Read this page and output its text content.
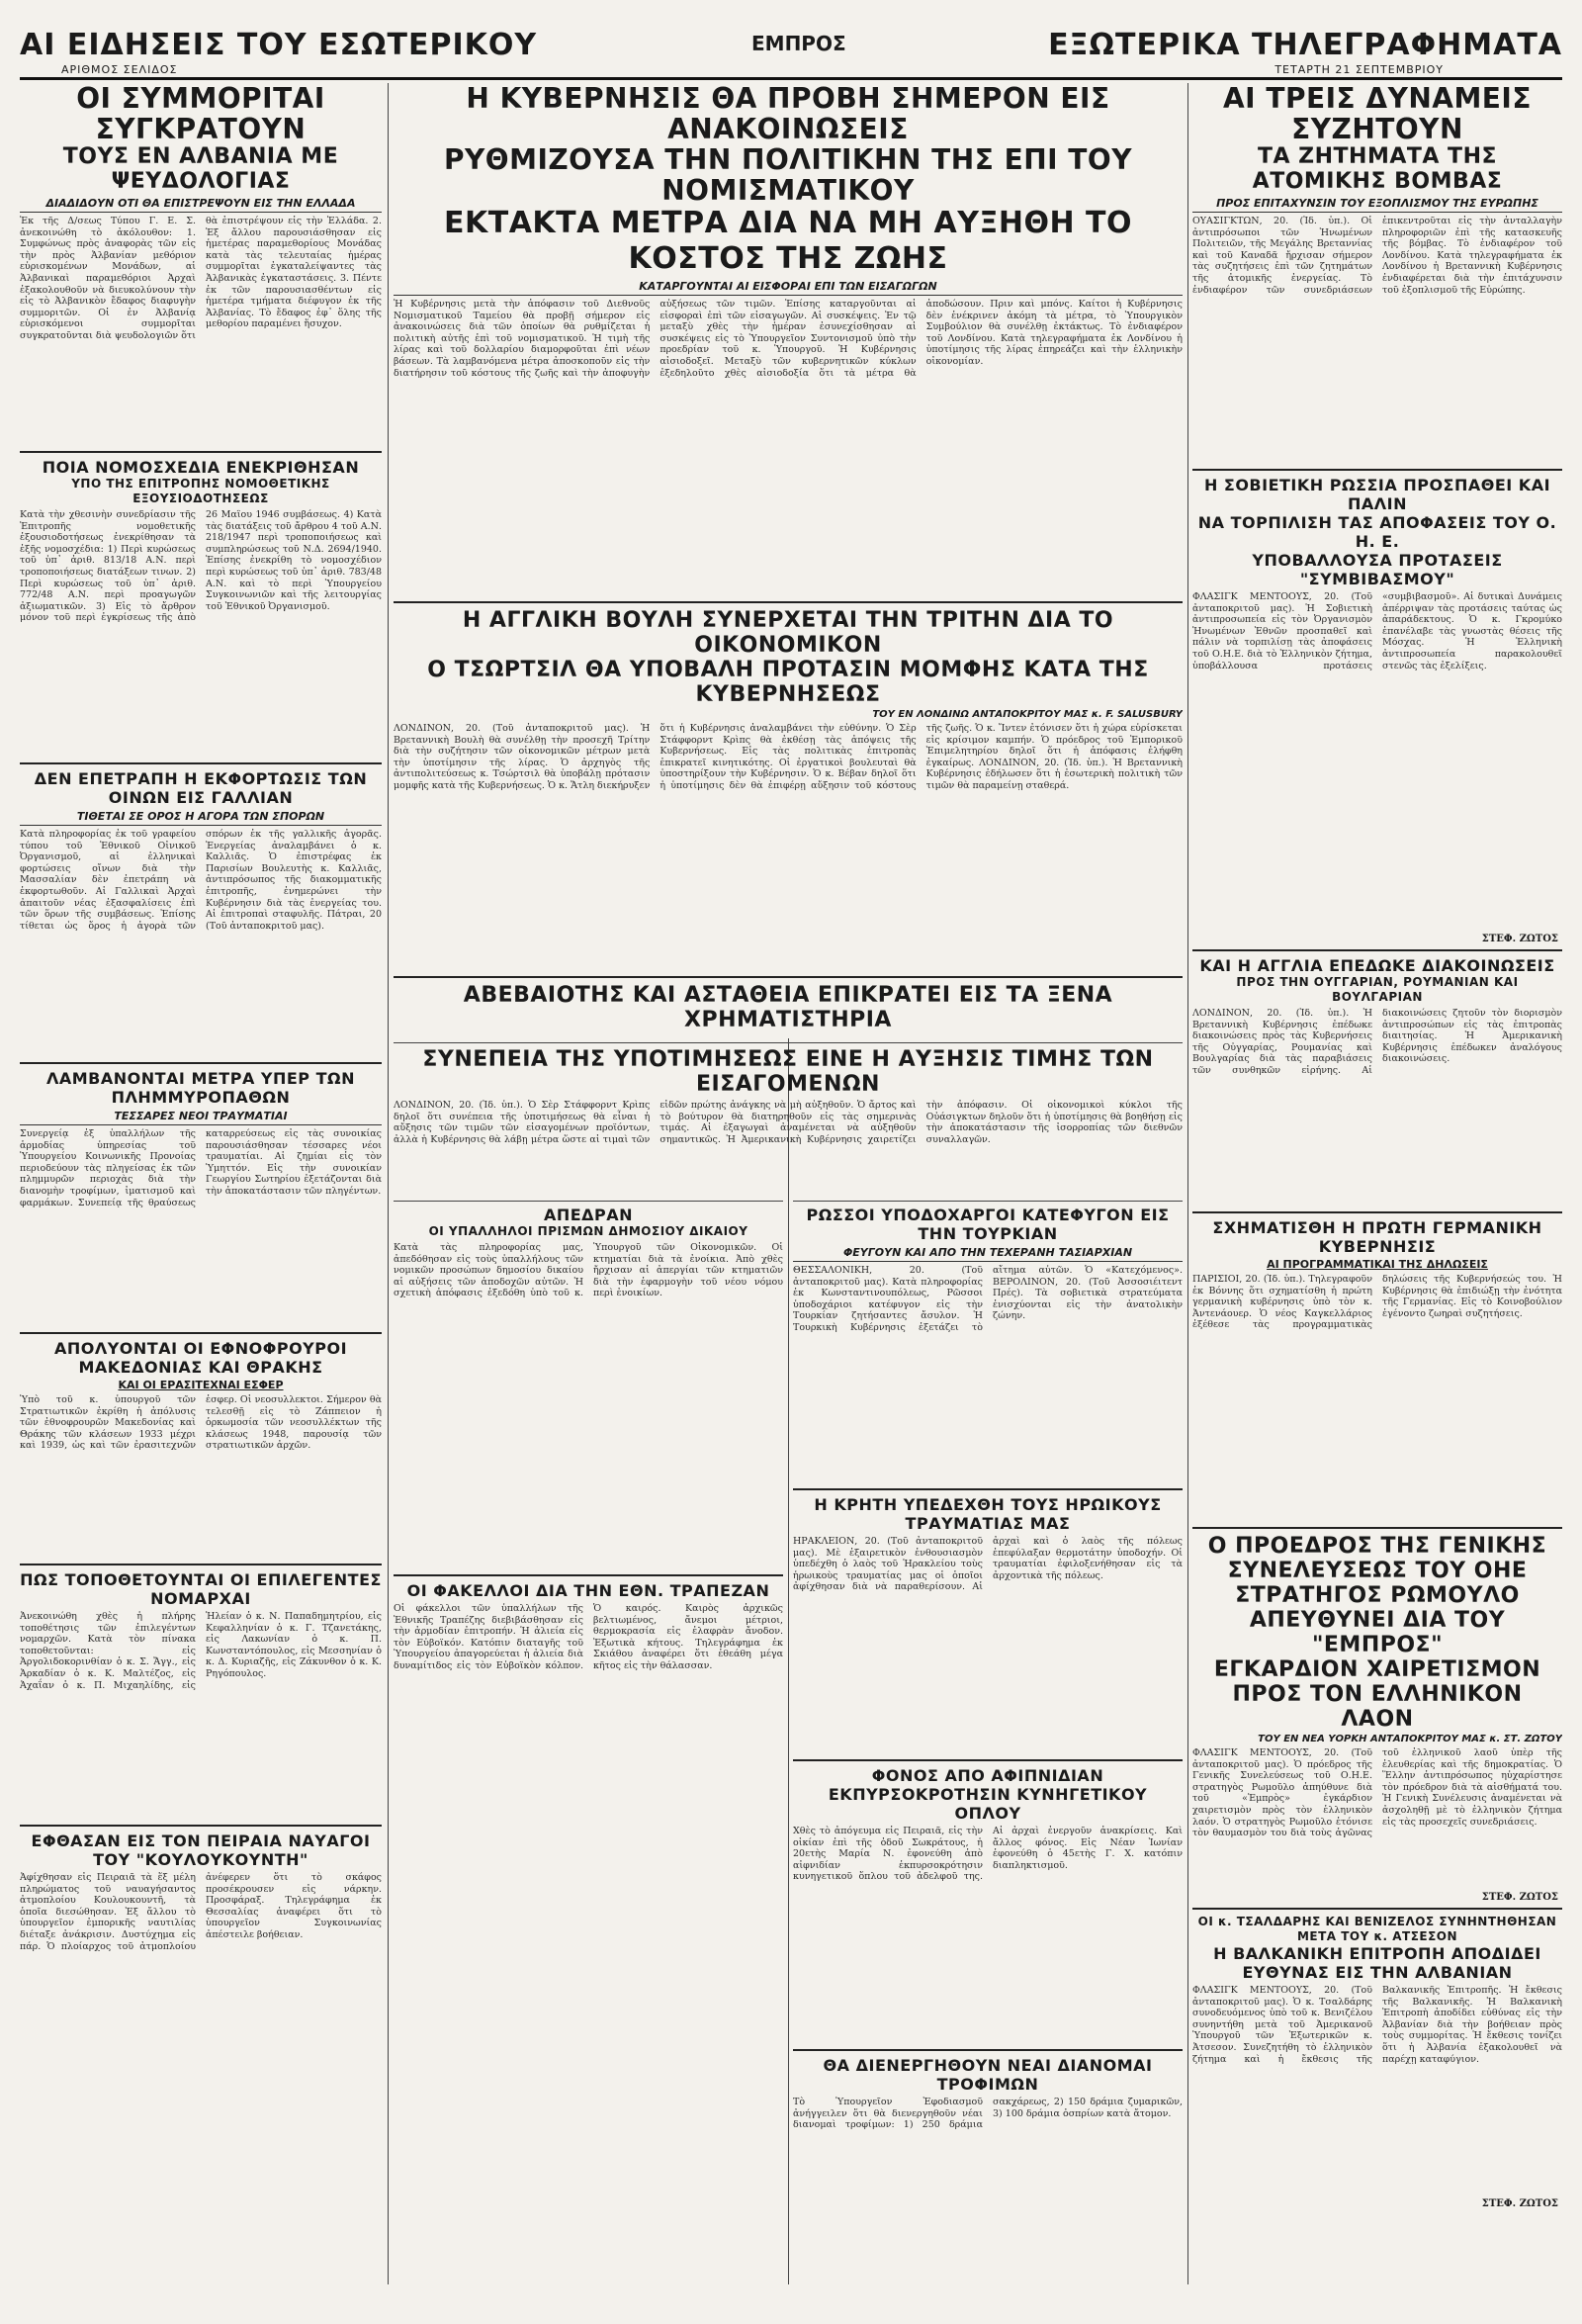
ΑΙ ΕΙΔΗΣΕΙΣ ΤΟΥ ΕΣΩΤΕΡΙΚΟΥ
ΑΡΙΘΜΟΣ ΣΕΛΙΔΟΣ
ΕΜΠΡΟΣ	ΕΞΩΤΕΡΙΚΑ ΤΗΛΕΓΡΑΦΗΜΑΤΑ
ΤΕΤΑΡΤΗ 21 ΣΕΠΤΕΜΒΡΙΟΥ
ΟΙ ΣΥΜΜΟΡΙΤΑΙ ΣΥΓΚΡΑΤΟΥΝ
ΤΟΥΣ ΕΝ ΑΛΒΑΝΙΑ ΜΕ ΨΕΥΔΟΛΟΓΙΑΣ
ΔΙΑΔΙΔΟΥΝ ΟΤΙ ΘΑ ΕΠΙΣΤΡΕΨΟΥΝ ΕΙΣ ΤΗΝ ΕΛΛΑΔΑ
Ἐκ τῆς Δ/σεως Τύπου Γ. Ε. Σ. ἀνεκοινώθη τὸ ἀκόλουθον: 1. Συμφώνως πρὸς ἀναφορὰς τῶν εἰς τὴν πρὸς Ἀλβανίαν μεθόριον εὑρισκομένων Μονάδων, αἱ Ἀλβανικαὶ παραμεθόριοι Ἀρχαὶ ἐξακολουθοῦν νὰ διευκολύνουν τὴν εἰς τὸ Ἀλβανικὸν ἔδαφος διαφυγὴν συμμοριτῶν. Οἱ ἐν Ἀλβανίᾳ εὑρισκόμενοι συμμορῖται συγκρατοῦνται διὰ ψευδολογιῶν ὅτι θὰ ἐπιστρέψουν εἰς τὴν Ἑλλάδα. 2. Ἐξ ἄλλου παρουσιάσθησαν εἰς ἡμετέρας παραμεθορίους Μονάδας κατὰ τὰς τελευταίας ἡμέρας συμμορῖται ἐγκαταλείψαντες τὰς Ἀλβανικὰς ἐγκαταστάσεις. 3. Πέντε ἐκ τῶν παρουσιασθέντων εἰς ἡμετέρα τμήματα διέφυγον ἐκ τῆς Ἀλβανίας. Τὸ ἔδαφος ἐφ᾽ ὅλης τῆς μεθορίου παραμένει ἥσυχον.
ΠΟΙΑ ΝΟΜΟΣΧΕΔΙΑ ΕΝΕΚΡΙΘΗΣΑΝ
ΥΠΟ ΤΗΣ ΕΠΙΤΡΟΠΗΣ ΝΟΜΟΘΕΤΙΚΗΣ ΕΞΟΥΣΙΟΔΟΤΗΣΕΩΣ
Κατὰ τὴν χθεσινὴν συνεδρίασιν τῆς Ἐπιτροπῆς νομοθετικῆς ἐξουσιοδοτήσεως ἐνεκρίθησαν τὰ ἑξῆς νομοσχέδια: 1) Περὶ κυρώσεως τοῦ ὑπ᾽ ἀριθ. 813/18 Α.Ν. περὶ τροποποιήσεως διατάξεων τινων. 2) Περὶ κυρώσεως τοῦ ὑπ᾽ ἀριθ. 772/48 Α.Ν. περὶ προαγωγῶν ἀξιωματικῶν. 3) Εἰς τὸ ἄρθρον μόνον τοῦ περὶ ἐγκρίσεως τῆς ἀπὸ 26 Μαΐου 1946 συμβάσεως. 4) Κατὰ τὰς διατάξεις τοῦ ἄρθρου 4 τοῦ Α.Ν. 218/1947 περὶ τροποποιήσεως καὶ συμπληρώσεως τοῦ Ν.Δ. 2694/1940. Ἐπίσης ἐνεκρίθη τὸ νομοσχέδιον περὶ κυρώσεως τοῦ ὑπ᾽ ἀριθ. 783/48 Α.Ν. καὶ τὸ περὶ Ὑπουργείου Συγκοινωνιῶν καὶ τῆς λειτουργίας τοῦ Ἐθνικοῦ Ὀργανισμοῦ.
ΔΕΝ ΕΠΕΤΡΑΠΗ Η ΕΚΦΟΡΤΩΣΙΣ ΤΩΝ ΟΙΝΩΝ ΕΙΣ ΓΑΛΛΙΑΝ
ΤΙΘΕΤΑΙ ΣΕ ΟΡΟΣ Η ΑΓΟΡΑ ΤΩΝ ΣΠΟΡΩΝ
Κατὰ πληροφορίας ἐκ τοῦ γραφείου τύπου τοῦ Ἐθνικοῦ Οἰνικοῦ Ὀργανισμοῦ, αἱ ἑλληνικαὶ φορτώσεις οἴνων διὰ τὴν Μασσαλίαν δὲν ἐπετράπη νὰ ἐκφορτωθοῦν. Αἱ Γαλλικαὶ Ἀρχαὶ ἀπαιτοῦν νέας ἐξασφαλίσεις ἐπὶ τῶν ὅρων τῆς συμβάσεως. Ἐπίσης τίθεται ὡς ὅρος ἡ ἀγορὰ τῶν σπόρων ἐκ τῆς γαλλικῆς ἀγορᾶς. Ἐνεργείας ἀναλαμβάνει ὁ κ. Καλλιᾶς. Ὁ ἐπιστρέφας ἐκ Παρισίων Βουλευτὴς κ. Καλλιᾶς, ἀντιπρόσωπος τῆς διακομματικῆς ἐπιτροπῆς, ἐνημερώνει τὴν Κυβέρνησιν διὰ τὰς ἐνεργείας του. Αἱ ἐπιτροπαὶ σταφυλῆς. Πάτραι, 20 (Τοῦ ἀνταποκριτοῦ μας).
ΛΑΜΒΑΝΟΝΤΑΙ ΜΕΤΡΑ ΥΠΕΡ ΤΩΝ ΠΛΗΜΜΥΡΟΠΑΘΩΝ
ΤΕΣΣΑΡΕΣ ΝΕΟΙ ΤΡΑΥΜΑΤΙΑΙ
Συνεργείᾳ ἐξ ὑπαλλήλων τῆς ἁρμοδίας ὑπηρεσίας τοῦ Ὑπουργείου Κοινωνικῆς Προνοίας περιοδεύουν τὰς πληγείσας ἐκ τῶν πλημμυρῶν περιοχὰς διὰ τὴν διανομὴν τροφίμων, ἰματισμοῦ καὶ φαρμάκων. Συνεπείᾳ τῆς θραύσεως καταρρεύσεως εἰς τὰς συνοικίας παρουσιάσθησαν τέσσαρες νέοι τραυματίαι. Αἱ ζημίαι εἰς τὸν Ὑμηττόν. Εἰς τὴν συνοικίαν Γεωργίου Σωτηρίου ἐξετάζονται διὰ τὴν ἀποκατάστασιν τῶν πληγέντων.
ΑΠΟΛΥΟΝΤΑΙ ΟΙ ΕΦΝΟΦΡΟΥΡΟΙ ΜΑΚΕΔΟΝΙΑΣ ΚΑΙ ΘΡΑΚΗΣ
ΚΑΙ ΟΙ ΕΡΑΣΙΤΕΧΝΑΙ ΕΣΦΕΡ
Ὑπὸ τοῦ κ. ὑπουργοῦ τῶν Στρατιωτικῶν ἐκρίθη ἡ ἀπόλυσις τῶν ἐθνοφρουρῶν Μακεδονίας καὶ Θράκης τῶν κλάσεων 1933 μέχρι καὶ 1939, ὡς καὶ τῶν ἐρασιτεχνῶν ἐσφερ. Οἱ νεοσυλλεκτοι. Σήμερον θὰ τελεσθῇ εἰς τὸ Ζάππειον ἡ ὁρκωμοσία τῶν νεοσυλλέκτων τῆς κλάσεως 1948, παρουσίᾳ τῶν στρατιωτικῶν ἀρχῶν.
ΠΩΣ ΤΟΠΟΘΕΤΟΥΝΤΑΙ ΟΙ ΕΠΙΛΕΓΕΝΤΕΣ ΝΟΜΑΡΧΑΙ
Ἀνεκοινώθη χθὲς ἡ πλήρης τοποθέτησις τῶν ἐπιλεγέντων νομαρχῶν. Κατὰ τὸν πίνακα τοποθετοῦνται: εἰς Ἀργολιδοκορινθίαν ὁ κ. Σ. Ἄγγ., εἰς Ἀρκαδίαν ὁ κ. Κ. Μαλτέζος, εἰς Ἀχαΐαν ὁ κ. Π. Μιχαηλίδης, εἰς Ἡλείαν ὁ κ. Ν. Παπαδημητρίου, εἰς Κεφαλληνίαν ὁ κ. Γ. Τζανετάκης, εἰς Λακωνίαν ὁ κ. Π. Κωνσταντόπουλος, εἰς Μεσσηνίαν ὁ κ. Δ. Κυριαζῆς, εἰς Ζάκυνθον ὁ κ. Κ. Ρηγόπουλος.
ΕΦΘΑΣΑΝ ΕΙΣ ΤΟΝ ΠΕΙΡΑΙΑ ΝΑΥΑΓΟΙ ΤΟΥ "ΚΟΥΛΟΥΚΟΥΝΤΗ"
Ἀφίχθησαν εἰς Πειραιᾶ τὰ ἕξ μέλη πληρώματος τοῦ ναυαγήσαντος ἀτμοπλοίου Κουλουκουντῆ, τὰ ὁποῖα διεσώθησαν. Ἐξ ἄλλου τὸ ὑπουργεῖον ἐμπορικῆς ναυτιλίας διέταξε ἀνάκρισιν. Δυστύχημα εἰς πάρ. Ὁ πλοίαρχος τοῦ ἀτμοπλοίου ἀνέφερεν ὅτι τὸ σκάφος προσέκρουσεν εἰς νάρκην. Προσφάραξ. Τηλεγράφημα ἐκ Θεσσαλίας ἀναφέρει ὅτι τὸ ὑπουργεῖον Συγκοινωνίας ἀπέστειλε βοήθειαν.
Η ΚΥΒΕΡΝΗΣΙΣ ΘΑ ΠΡΟΒΗ ΣΗΜΕΡΟΝ ΕΙΣ ΑΝΑΚΟΙΝΩΣΕΙΣ
ΡΥΘΜΙΖΟΥΣΑ ΤΗΝ ΠΟΛΙΤΙΚΗΝ ΤΗΣ ΕΠΙ ΤΟΥ ΝΟΜΙΣΜΑΤΙΚΟΥ
ΕΚΤΑΚΤΑ ΜΕΤΡΑ ΔΙΑ ΝΑ ΜΗ ΑΥΞΗΘΗ ΤΟ ΚΟΣΤΟΣ ΤΗΣ ΖΩΗΣ
ΚΑΤΑΡΓΟΥΝΤΑΙ ΑΙ ΕΙΣΦΟΡΑΙ ΕΠΙ ΤΩΝ ΕΙΣΑΓΩΓΩΝ
Ἡ Κυβέρνησις μετὰ τὴν ἀπόφασιν τοῦ Διεθνοῦς Νομισματικοῦ Ταμείου θὰ προβῇ σήμερον εἰς ἀνακοινώσεις διὰ τῶν ὁποίων θὰ ρυθμίζεται ἡ πολιτικὴ αὐτῆς ἐπὶ τοῦ νομισματικοῦ. Ἡ τιμὴ τῆς λίρας καὶ τοῦ δολλαρίου διαμορφοῦται ἐπὶ νέων βάσεων. Τὰ λαμβανόμενα μέτρα ἀποσκοποῦν εἰς τὴν διατήρησιν τοῦ κόστους τῆς ζωῆς καὶ τὴν ἀποφυγὴν αὐξήσεως τῶν τιμῶν. Ἐπίσης καταργοῦνται αἱ εἰσφοραὶ ἐπὶ τῶν εἰσαγωγῶν. Αἱ συσκέψεις. Ἐν τῷ μεταξὺ χθὲς τὴν ἡμέραν ἐσυνεχίσθησαν αἱ συσκέψεις εἰς τὸ Ὑπουργεῖον Συντονισμοῦ ὑπὸ τὴν προεδρίαν τοῦ κ. Ὑπουργοῦ. Ἡ Κυβέρνησις αἰσιοδοξεῖ. Μεταξὺ τῶν κυβερνητικῶν κύκλων ἐξεδηλοῦτο χθὲς αἰσιοδοξία ὅτι τὰ μέτρα θὰ ἀποδώσουν. Πριν καὶ μπόνς. Καίτοι ἡ Κυβέρνησις δὲν ἐνέκρινεν ἀκόμη τὰ μέτρα, τὸ Ὑπουργικὸν Συμβούλιον θὰ συνέλθῃ ἐκτάκτως. Τὸ ἐνδιαφέρον τοῦ Λονδίνου. Κατὰ τηλεγραφήματα ἐκ Λονδίνου ἡ ὑποτίμησις τῆς λίρας ἐπηρεάζει καὶ τὴν ἑλληνικὴν οἰκονομίαν.
Η ΑΓΓΛΙΚΗ ΒΟΥΛΗ ΣΥΝΕΡΧΕΤΑΙ ΤΗΝ ΤΡΙΤΗΝ ΔΙΑ ΤΟ ΟΙΚΟΝΟΜΙΚΟΝ
Ο ΤΣΩΡΤΣΙΛ ΘΑ ΥΠΟΒΑΛΗ ΠΡΟΤΑΣΙΝ ΜΟΜΦΗΣ ΚΑΤΑ ΤΗΣ ΚΥΒΕΡΝΗΣΕΩΣ
ΤΟΥ ΕΝ ΛΟΝΔΙΝΩ ΑΝΤΑΠΟΚΡΙΤΟΥ ΜΑΣ κ. F. SALUSBURY
ΛΟΝΔΙΝΟΝ, 20. (Τοῦ ἀνταποκριτοῦ μας). Ἡ Βρεταννικὴ Βουλὴ θὰ συνέλθῃ τὴν προσεχῆ Τρίτην διὰ τὴν συζήτησιν τῶν οἰκονομικῶν μέτρων μετὰ τὴν ὑποτίμησιν τῆς λίρας. Ὁ ἀρχηγὸς τῆς ἀντιπολιτεύσεως κ. Τσώρτσιλ θὰ ὑποβάλῃ πρότασιν μομφῆς κατὰ τῆς Κυβερνήσεως. Ὁ κ. Ἄτλη διεκήρυξεν ὅτι ἡ Κυβέρνησις ἀναλαμβάνει τὴν εὐθύνην. Ὁ Σὲρ Στάφφορντ Κρὶπς θὰ ἐκθέσῃ τὰς ἀπόψεις τῆς Κυβερνήσεως. Εἰς τὰς πολιτικὰς ἐπιτροπὰς ἐπικρατεῖ κινητικότης. Οἱ ἐργατικοὶ βουλευταὶ θὰ ὑποστηρίξουν τὴν Κυβέρνησιν. Ὁ κ. Βέβαν δηλοῖ ὅτι ἡ ὑποτίμησις δὲν θὰ ἐπιφέρῃ αὔξησιν τοῦ κόστους τῆς ζωῆς. Ὁ κ. Ἴντεν ἐτόνισεν ὅτι ἡ χώρα εὑρίσκεται εἰς κρίσιμον καμπήν. Ὁ πρόεδρος τοῦ Ἐμπορικοῦ Ἐπιμελητηρίου δηλοῖ ὅτι ἡ ἀπόφασις ἐλήφθη ἐγκαίρως. ΛΟΝΔΙΝΟΝ, 20. (Ἰδ. ὑπ.). Ἡ Βρεταννικὴ Κυβέρνησις ἐδήλωσεν ὅτι ἡ ἐσωτερικὴ πολιτικὴ τῶν τιμῶν θὰ παραμείνῃ σταθερά.
ΑΒΕΒΑΙΟΤΗΣ ΚΑΙ ΑΣΤΑΘΕΙΑ ΕΠΙΚΡΑΤΕΙ ΕΙΣ ΤΑ ΞΕΝΑ ΧΡΗΜΑΤΙΣΤΗΡΙΑ
ΣΥΝΕΠΕΙΑ ΤΗΣ ΥΠΟΤΙΜΗΣΕΩΣ ΕΙΝΕ Η ΑΥΞΗΣΙΣ ΤΙΜΗΣ ΤΩΝ ΕΙΣΑΓΟΜΕΝΩΝ
ΛΟΝΔΙΝΟΝ, 20. (Ἰδ. ὑπ.). Ὁ Σὲρ Στάφφορντ Κρὶπς δηλοῖ ὅτι συνέπεια τῆς ὑποτιμήσεως θὰ εἶναι ἡ αὔξησις τῶν τιμῶν τῶν εἰσαγομένων προϊόντων, ἀλλὰ ἡ Κυβέρνησις θὰ λάβῃ μέτρα ὥστε αἱ τιμαὶ τῶν εἰδῶν πρώτης ἀνάγκης νὰ μὴ αὐξηθοῦν. Ὁ ἄρτος καὶ τὸ βούτυρον θὰ διατηρηθοῦν εἰς τὰς σημερινὰς τιμάς. Αἱ ἐξαγωγαὶ ἀναμένεται νὰ αὐξηθοῦν σημαντικῶς. Ἡ Ἀμερικανικὴ Κυβέρνησις χαιρετίζει τὴν ἀπόφασιν. Οἱ οἰκονομικοὶ κύκλοι τῆς Οὐάσιγκτων δηλοῦν ὅτι ἡ ὑποτίμησις θὰ βοηθήσῃ εἰς τὴν ἀποκατάστασιν τῆς ἰσορροπίας τῶν διεθνῶν συναλλαγῶν.
ΑΠΕΔΡΑΝ
ΟΙ ΥΠΑΛΛΗΛΟΙ ΠΡΙΣΜΩΝ ΔΗΜΟΣΙΟΥ ΔΙΚΑΙΟΥ
Κατὰ τὰς πληροφορίας μας, ἀπεδόθησαν εἰς τοὺς ὑπαλλήλους τῶν νομικῶν προσώπων δημοσίου δικαίου αἱ αὐξήσεις τῶν ἀποδοχῶν αὐτῶν. Ἡ σχετικὴ ἀπόφασις ἐξεδόθη ὑπὸ τοῦ κ. Ὑπουργοῦ τῶν Οἰκονομικῶν. Οἱ κτηματίαι διὰ τὰ ἐνοίκια. Ἀπὸ χθὲς ἤρχισαν αἱ ἀπεργίαι τῶν κτηματιῶν διὰ τὴν ἐφαρμογὴν τοῦ νέου νόμου περὶ ἐνοικίων.
ΟΙ ΦΑΚΕΛΛΟΙ ΔΙΑ ΤΗΝ ΕΘΝ. ΤΡΑΠΕΖΑΝ
Οἱ φάκελλοι τῶν ὑπαλλήλων τῆς Ἐθνικῆς Τραπέζης διεβιβάσθησαν εἰς τὴν ἁρμοδίαν ἐπιτροπήν. Ἡ ἀλιεία εἰς τὸν Εὐβοϊκόν. Κατόπιν διαταγῆς τοῦ Ὑπουργείου ἀπαγορεύεται ἡ ἀλιεία διὰ δυναμίτιδος εἰς τὸν Εὐβοϊκὸν κόλπον. Ὁ καιρός. Καιρὸς ἀρχικῶς βελτιωμένος, ἄνεμοι μέτριοι, θερμοκρασία εἰς ἐλαφρὰν ἄνοδον. Ἐξωτικὰ κήτους. Τηλεγράφημα ἐκ Σκιάθου ἀναφέρει ὅτι ἐθεάθη μέγα κῆτος εἰς τὴν θάλασσαν.
ΡΩΣΣΟΙ ΥΠΟΔΟΧΑΡΓΟΙ ΚΑΤΕΦΥΓΟΝ ΕΙΣ ΤΗΝ ΤΟΥΡΚΙΑΝ
ΦΕΥΓΟΥΝ ΚΑΙ ΑΠΟ ΤΗΝ ΤΕΧΕΡΑΝΗ ΤΑΣΙΑΡΧΙΑΝ
ΘΕΣΣΑΛΟΝΙΚΗ, 20. (Τοῦ ἀνταποκριτοῦ μας). Κατὰ πληροφορίας ἐκ Κωνσταντινουπόλεως, Ρῶσσοι ὑποδοχάριοι κατέφυγον εἰς τὴν Τουρκίαν ζητήσαντες ἄσυλον. Ἡ Τουρκικὴ Κυβέρνησις ἐξετάζει τὸ αἴτημα αὐτῶν. Ὁ «Κατεχόμενος». ΒΕΡΟΛΙΝΟΝ, 20. (Τοῦ Ἀσσοσιέιτεντ Πρές). Τὰ σοβιετικὰ στρατεύματα ἐνισχύονται εἰς τὴν ἀνατολικὴν ζώνην.
Η ΚΡΗΤΗ ΥΠΕΔΕΧΘΗ ΤΟΥΣ ΗΡΩΙΚΟΥΣ ΤΡΑΥΜΑΤΙΑΣ ΜΑΣ
ΗΡΑΚΛΕΙΟΝ, 20. (Τοῦ ἀνταποκριτοῦ μας). Μὲ ἐξαιρετικὸν ἐνθουσιασμὸν ὑπεδέχθη ὁ λαὸς τοῦ Ἡρακλείου τοὺς ἡρωικοὺς τραυματίας μας οἱ ὁποῖοι ἀφίχθησαν διὰ νὰ παραθερίσουν. Αἱ ἀρχαὶ καὶ ὁ λαὸς τῆς πόλεως ἐπεφύλαξαν θερμοτάτην ὑποδοχήν. Οἱ τραυματίαι ἐφιλοξενήθησαν εἰς τὰ ἀρχοντικὰ τῆς πόλεως.
ΦΟΝΟΣ ΑΠΟ ΑΦΙΠΝΙΔΙΑΝ ΕΚΠΥΡΣΟΚΡΟΤΗΣΙΝ ΚΥΝΗΓΕΤΙΚΟΥ ΟΠΛΟΥ
Χθὲς τὸ ἀπόγευμα εἰς Πειραιᾶ, εἰς τὴν οἰκίαν ἐπὶ τῆς ὁδοῦ Σωκράτους, ἡ 20ετὴς Μαρία Ν. ἐφονεύθη ἀπὸ αἰφνιδίαν ἐκπυρσοκρότησιν κυνηγετικοῦ ὅπλου τοῦ ἀδελφοῦ της. Αἱ ἀρχαὶ ἐνεργοῦν ἀνακρίσεις. Καὶ ἄλλος φόνος. Εἰς Νέαν Ἰωνίαν ἐφονεύθη ὁ 45ετὴς Γ. Χ. κατόπιν διαπληκτισμοῦ.
ΘΑ ΔΙΕΝΕΡΓΗΘΟΥΝ ΝΕΑΙ ΔΙΑΝΟΜΑΙ ΤΡΟΦΙΜΩΝ
Τὸ Ὑπουργεῖον Ἐφοδιασμοῦ ἀνήγγειλεν ὅτι θὰ διενεργηθοῦν νέαι διανομαὶ τροφίμων: 1) 250 δράμια σακχάρεως, 2) 150 δράμια ζυμαρικῶν, 3) 100 δράμια ὀσπρίων κατὰ ἄτομον.
ΑΙ ΤΡΕΙΣ ΔΥΝΑΜΕΙΣ ΣΥΖΗΤΟΥΝ
ΤΑ ΖΗΤΗΜΑΤΑ ΤΗΣ ΑΤΟΜΙΚΗΣ ΒΟΜΒΑΣ
ΠΡΟΣ ΕΠΙΤΑΧΥΝΣΙΝ ΤΟΥ ΕΞΟΠΛΙΣΜΟΥ ΤΗΣ ΕΥΡΩΠΗΣ
ΟΥΑΣΙΓΚΤΩΝ, 20. (Ἰδ. ὑπ.). Οἱ ἀντιπρόσωποι τῶν Ἡνωμένων Πολιτειῶν, τῆς Μεγάλης Βρεταννίας καὶ τοῦ Καναδᾶ ἤρχισαν σήμερον τὰς συζητήσεις ἐπὶ τῶν ζητημάτων τῆς ἀτομικῆς ἐνεργείας. Τὸ ἐνδιαφέρον τῶν συνεδριάσεων ἐπικεντροῦται εἰς τὴν ἀνταλλαγὴν πληροφοριῶν ἐπὶ τῆς κατασκευῆς τῆς βόμβας. Τὸ ἐνδιαφέρον τοῦ Λονδίνου. Κατὰ τηλεγραφήματα ἐκ Λονδίνου ἡ Βρεταννικὴ Κυβέρνησις ἐνδιαφέρεται διὰ τὴν ἐπιτάχυνσιν τοῦ ἐξοπλισμοῦ τῆς Εὐρώπης.
Η ΣΟΒΙΕΤΙΚΗ ΡΩΣΣΙΑ ΠΡΟΣΠΑΘΕΙ ΚΑΙ ΠΑΛΙΝ
ΝΑ ΤΟΡΠΙΛΙΣΗ ΤΑΣ ΑΠΟΦΑΣΕΙΣ ΤΟΥ Ο. Η. Ε.
ΥΠΟΒΑΛΛΟΥΣΑ ΠΡΟΤΑΣΕΙΣ "ΣΥΜΒΙΒΑΣΜΟΥ"
ΦΛΑΣΙΓΚ ΜΕΝΤΟΟΥΣ, 20. (Τοῦ ἀνταποκριτοῦ μας). Ἡ Σοβιετικὴ ἀντιπροσωπεία εἰς τὸν Ὀργανισμὸν Ἡνωμένων Ἐθνῶν προσπαθεῖ καὶ πάλιν νὰ τορπιλίσῃ τὰς ἀποφάσεις τοῦ Ο.Η.Ε. διὰ τὸ Ἑλληνικὸν ζήτημα, ὑποβάλλουσα προτάσεις «συμβιβασμοῦ». Αἱ δυτικαὶ Δυνάμεις ἀπέρριψαν τὰς προτάσεις ταύτας ὡς ἀπαράδεκτους. Ὁ κ. Γκρομύκο ἐπανέλαβε τὰς γνωστὰς θέσεις τῆς Μόσχας. Ἡ Ἑλληνικὴ ἀντιπροσωπεία παρακολουθεῖ στενῶς τὰς ἐξελίξεις.
ΣΤΕΦ. ΖΩΤΟΣ
ΚΑΙ Η ΑΓΓΛΙΑ ΕΠΕΔΩΚΕ ΔΙΑΚΟΙΝΩΣΕΙΣ
ΠΡΟΣ ΤΗΝ ΟΥΓΓΑΡΙΑΝ, ΡΟΥΜΑΝΙΑΝ ΚΑΙ ΒΟΥΛΓΑΡΙΑΝ
ΛΟΝΔΙΝΟΝ, 20. (Ἰδ. ὑπ.). Ἡ Βρεταννικὴ Κυβέρνησις ἐπέδωκε διακοινώσεις πρὸς τὰς Κυβερνήσεις τῆς Οὐγγαρίας, Ρουμανίας καὶ Βουλγαρίας διὰ τὰς παραβιάσεις τῶν συνθηκῶν εἰρήνης. Αἱ διακοινώσεις ζητοῦν τὸν διορισμὸν ἀντιπροσώπων εἰς τὰς ἐπιτροπὰς διαιτησίας. Ἡ Ἀμερικανικὴ Κυβέρνησις ἐπέδωκεν ἀναλόγους διακοινώσεις.
ΣΧΗΜΑΤΙΣΘΗ Η ΠΡΩΤΗ ΓΕΡΜΑΝΙΚΗ ΚΥΒΕΡΝΗΣΙΣ
ΑΙ ΠΡΟΓΡΑΜΜΑΤΙΚΑΙ ΤΗΣ ΔΗΛΩΣΕΙΣ
ΠΑΡΙΣΙΟΙ, 20. (Ἰδ. ὑπ.). Τηλεγραφοῦν ἐκ Βόννης ὅτι σχηματίσθη ἡ πρώτη γερμανικὴ κυβέρνησις ὑπὸ τὸν κ. Ἀντενάουερ. Ὁ νέος Καγκελλάριος ἐξέθεσε τὰς προγραμματικὰς δηλώσεις τῆς Κυβερνήσεώς του. Ἡ Κυβέρνησις θὰ ἐπιδιώξῃ τὴν ἐνότητα τῆς Γερμανίας. Εἰς τὸ Κοινοβούλιον ἐγένοντο ζωηραὶ συζητήσεις.
Ο ΠΡΟΕΔΡΟΣ ΤΗΣ ΓΕΝΙΚΗΣ ΣΥΝΕΛΕΥΣΕΩΣ ΤΟΥ ΟΗΕ
ΣΤΡΑΤΗΓΟΣ ΡΩΜΟΥΛΟ ΑΠΕΥΘΥΝΕΙ ΔΙΑ ΤΟΥ "ΕΜΠΡΟΣ"
ΕΓΚΑΡΔΙΟΝ ΧΑΙΡΕΤΙΣΜΟΝ ΠΡΟΣ ΤΟΝ ΕΛΛΗΝΙΚΟΝ ΛΑΟΝ
ΤΟΥ ΕΝ ΝΕΑ ΥΟΡΚΗ ΑΝΤΑΠΟΚΡΙΤΟΥ ΜΑΣ κ. ΣΤ. ΖΩΤΟΥ
ΦΛΑΣΙΓΚ ΜΕΝΤΟΟΥΣ, 20. (Τοῦ ἀνταποκριτοῦ μας). Ὁ πρόεδρος τῆς Γενικῆς Συνελεύσεως τοῦ Ο.Η.Ε. στρατηγὸς Ρωμοῦλο ἀπηύθυνε διὰ τοῦ «Ἐμπρὸς» ἐγκάρδιον χαιρετισμὸν πρὸς τὸν ἑλληνικὸν λαόν. Ὁ στρατηγὸς Ρωμοῦλο ἐτόνισε τὸν θαυμασμὸν του διὰ τοὺς ἀγῶνας τοῦ ἑλληνικοῦ λαοῦ ὑπὲρ τῆς ἐλευθερίας καὶ τῆς δημοκρατίας. Ὁ Ἕλλην ἀντιπρόσωπος ηὐχαρίστησε τὸν πρόεδρον διὰ τὰ αἰσθήματά του. Ἡ Γενικὴ Συνέλευσις ἀναμένεται νὰ ἀσχοληθῇ μὲ τὸ ἑλληνικὸν ζήτημα εἰς τὰς προσεχεῖς συνεδριάσεις.
ΣΤΕΦ. ΖΩΤΟΣ
ΟΙ κ. ΤΣΑΛΔΑΡΗΣ ΚΑΙ ΒΕΝΙΖΕΛΟΣ ΣΥΝΗΝΤΗΘΗΣΑΝ ΜΕΤΑ ΤΟΥ κ. ΑΤΣΕΣΟΝ
Η ΒΑΛΚΑΝΙΚΗ ΕΠΙΤΡΟΠΗ ΑΠΟΔΙΔΕΙ ΕΥΘΥΝΑΣ ΕΙΣ ΤΗΝ ΑΛΒΑΝΙΑΝ
ΦΛΑΣΙΓΚ ΜΕΝΤΟΟΥΣ, 20. (Τοῦ ἀνταποκριτοῦ μας). Ὁ κ. Τσαλδάρης συνοδευόμενος ὑπὸ τοῦ κ. Βενιζέλου συνηντήθη μετὰ τοῦ Ἀμερικανοῦ Ὑπουργοῦ τῶν Ἐξωτερικῶν κ. Ἀτσεσον. Συνεζητήθη τὸ ἑλληνικὸν ζήτημα καὶ ἡ ἔκθεσις τῆς Βαλκανικῆς Ἐπιτροπῆς. Ἡ ἔκθεσις τῆς Βαλκανικῆς. Ἡ Βαλκανικὴ Ἐπιτροπὴ ἀποδίδει εὐθύνας εἰς τὴν Ἀλβανίαν διὰ τὴν βοήθειαν πρὸς τοὺς συμμορίτας. Ἡ ἔκθεσις τονίζει ὅτι ἡ Ἀλβανία ἐξακολουθεῖ νὰ παρέχῃ καταφύγιον.
ΣΤΕΦ. ΖΩΤΟΣ
